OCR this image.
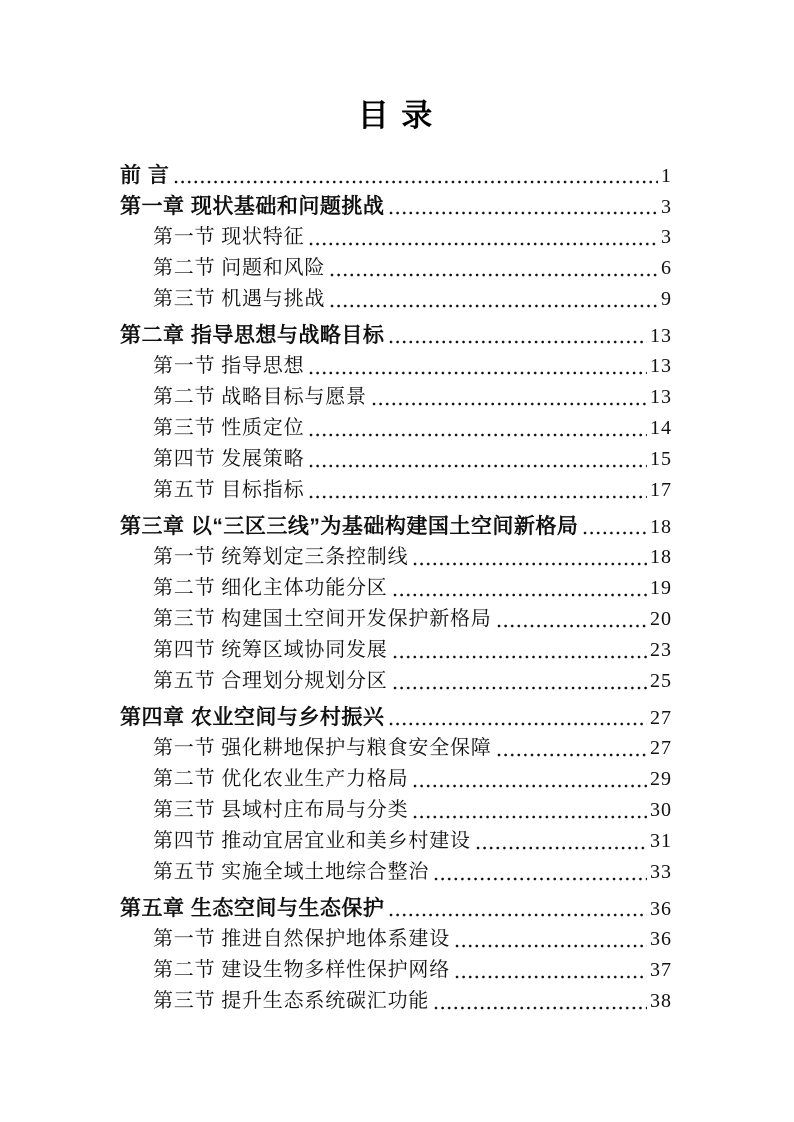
目 录
前 言	1
第一章 现状基础和问题挑战	3
第一节 现状特征	3
第二节 问题和风险	6
第三节 机遇与挑战	9
第二章 指导思想与战略目标	13
第一节 指导思想	13
第二节 战略目标与愿景	13
第三节 性质定位	14
第四节 发展策略	15
第五节 目标指标	17
第三章 以“三区三线”为基础构建国土空间新格局	18
第一节 统筹划定三条控制线	18
第二节 细化主体功能分区	19
第三节 构建国土空间开发保护新格局	20
第四节 统筹区域协同发展	23
第五节 合理划分规划分区	25
第四章 农业空间与乡村振兴	27
第一节 强化耕地保护与粮食安全保障	27
第二节 优化农业生产力格局	29
第三节 县域村庄布局与分类	30
第四节 推动宜居宜业和美乡村建设	31
第五节 实施全域土地综合整治	33
第五章 生态空间与生态保护	36
第一节 推进自然保护地体系建设	36
第二节 建设生物多样性保护网络	37
第三节 提升生态系统碳汇功能	38
